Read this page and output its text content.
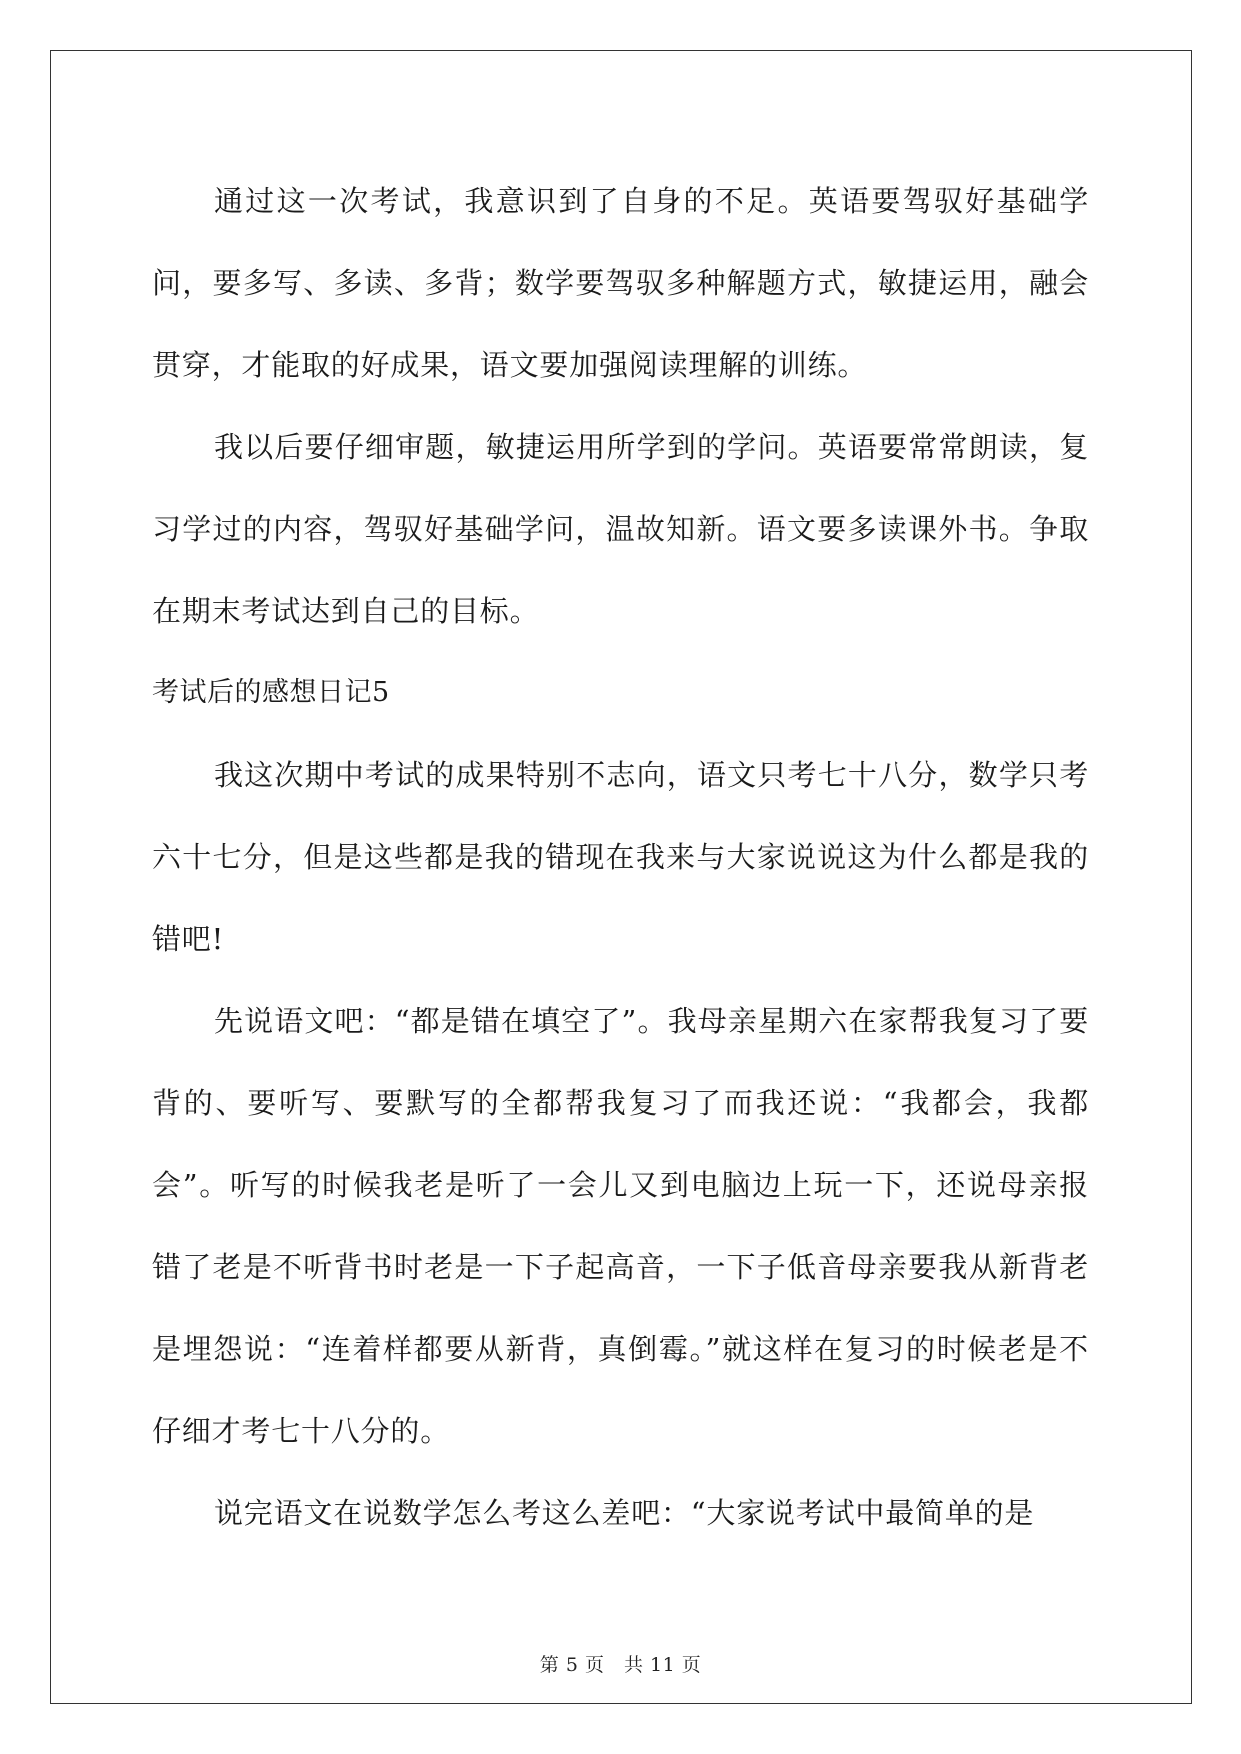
通过这一次考试，我意识到了自身的不足。英语要驾驭好基础学问，要多写、多读、多背；数学要驾驭多种解题方式，敏捷运用，融会贯穿，才能取的好成果，语文要加强阅读理解的训练。

我以后要仔细审题，敏捷运用所学到的学问。英语要常常朗读，复习学过的内容，驾驭好基础学问，温故知新。语文要多读课外书。争取在期末考试达到自己的目标。

考试后的感想日记5

我这次期中考试的成果特别不志向，语文只考七十八分，数学只考六十七分，但是这些都是我的错现在我来与大家说说这为什么都是我的错吧!

先说语文吧：“都是错在填空了”。我母亲星期六在家帮我复习了要背的、要听写、要默写的全都帮我复习了而我还说：“我都会，我都会”。听写的时候我老是听了一会儿又到电脑边上玩一下，还说母亲报错了老是不听背书时老是一下子起高音，一下子低音母亲要我从新背老是埋怨说：“连着样都要从新背，真倒霉。”就这样在复习的时候老是不仔细才考七十八分的。

说完语文在说数学怎么考这么差吧：“大家说考试中最简单的是

第 5 页　共 11 页
